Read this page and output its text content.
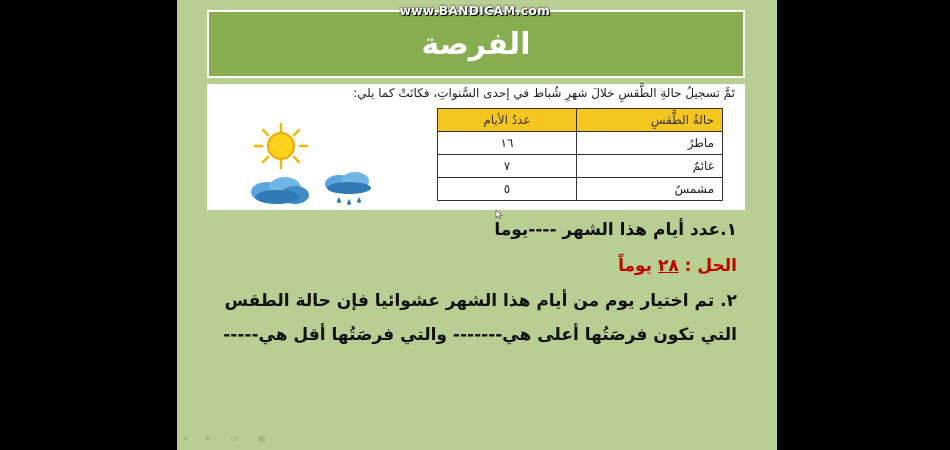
www.BANDICAM.com
الفرصة
تَمَّ تسجيلُ حالةِ الطَّقسِ خلالَ شهرِ شُباط في إحدى السَّنواتِ، فكانَتْ كما يلي:
حالةُ الطَّقسِ	عددُ الأيام
ماطرٌ	١٦
غائمٌ	٧
مشمسٌ	٥
١.عدد أيام هذا الشهر ----يوما
الحل : ٢٨ يوماً
٢. تم اختيار يوم من أيام هذا الشهر عشوائيا فإن حالة الطقس
التي تكون فرصَتُها أعلى هي------- والتي فرصَتُها أقل هي-----
◂ ▸ ▭ ▣
